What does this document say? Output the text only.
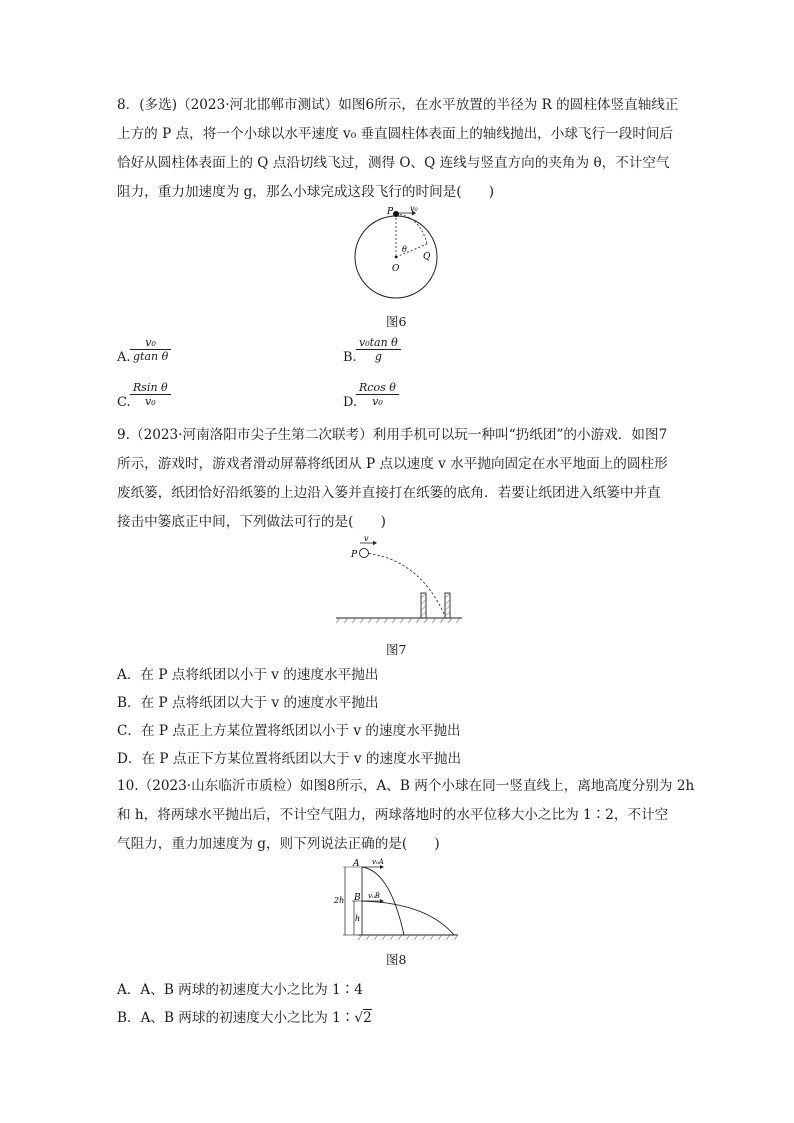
8．(多选)（2023·河北邯郸市测试）如图6所示，在水平放置的半径为 R 的圆柱体竖直轴线正
上方的 P 点，将一个小球以水平速度 v₀ 垂直圆柱体表面上的轴线抛出，小球飞行一段时间后
恰好从圆柱体表面上的 Q 点沿切线飞过，测得 O、Q 连线与竖直方向的夹角为 θ，不计空气
阻力，重力加速度为 g，那么小球完成这段飞行的时间是(　　)
P v₀
θ
O
Q
图6
A.
v₀
gtan θ	B.
v₀tan θ
g
C.
Rsin θ
v₀	D.
Rcos θ
v₀
9.（2023·河南洛阳市尖子生第二次联考）利用手机可以玩一种叫“扔纸团”的小游戏．如图7
所示，游戏时，游戏者滑动屏幕将纸团从 P 点以速度 v 水平抛向固定在水平地面上的圆柱形
废纸篓，纸团恰好沿纸篓的上边沿入篓并直接打在纸篓的底角．若要让纸团进入纸篓中并直
接击中篓底正中间，下列做法可行的是(　　)
v
P
图7
A．在 P 点将纸团以小于 v 的速度水平抛出
B．在 P 点将纸团以大于 v 的速度水平抛出
C．在 P 点正上方某位置将纸团以小于 v 的速度水平抛出
D．在 P 点正下方某位置将纸团以大于 v 的速度水平抛出
10.（2023·山东临沂市质检）如图8所示，A、B 两个小球在同一竖直线上，离地高度分别为 2h
和 h，将两球水平抛出后，不计空气阻力，两球落地时的水平位移大小之比为 1∶2，不计空
气阻力，重力加速度为 g，则下列说法正确的是(　　)
A
B
v₀A
v₀B
2h
h
图8
A．A、B 两球的初速度大小之比为 1∶4
B．A、B 两球的初速度大小之比为 1∶√2
